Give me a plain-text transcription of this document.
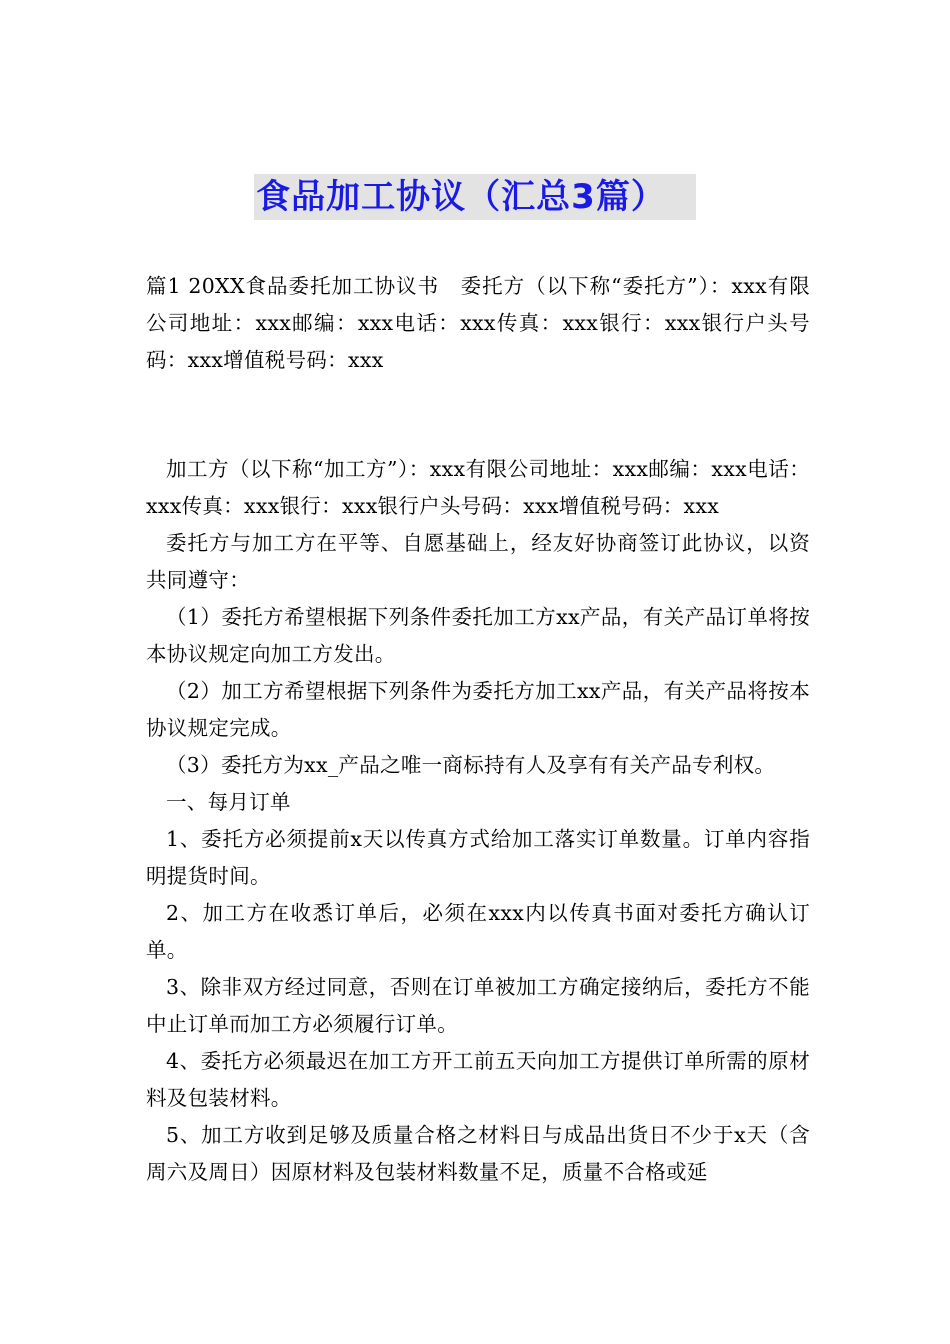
食品加工协议（汇总3篇）

篇1 20XX食品委托加工协议书　委托方（以下称“委托方”）：xxx有限公司地址：xxx邮编：xxx电话：xxx传真：xxx银行：xxx银行户头号码：xxx增值税号码：xxx

加工方（以下称“加工方”）：xxx有限公司地址：xxx邮编：xxx电话：xxx传真：xxx银行：xxx银行户头号码：xxx增值税号码：xxx

委托方与加工方在平等、自愿基础上，经友好协商签订此协议，以资共同遵守：

（1）委托方希望根据下列条件委托加工方xx产品，有关产品订单将按本协议规定向加工方发出。

（2）加工方希望根据下列条件为委托方加工xx产品，有关产品将按本协议规定完成。

（3）委托方为xx_产品之唯一商标持有人及享有有关产品专利权。

一、每月订单

1、委托方必须提前x天以传真方式给加工落实订单数量。订单内容指明提货时间。

2、加工方在收悉订单后，必须在xxx内以传真书面对委托方确认订单。

3、除非双方经过同意，否则在订单被加工方确定接纳后，委托方不能中止订单而加工方必须履行订单。

4、委托方必须最迟在加工方开工前五天向加工方提供订单所需的原材料及包装材料。

5、加工方收到足够及质量合格之材料日与成品出货日不少于x天（含周六及周日）因原材料及包装材料数量不足，质量不合格或延
